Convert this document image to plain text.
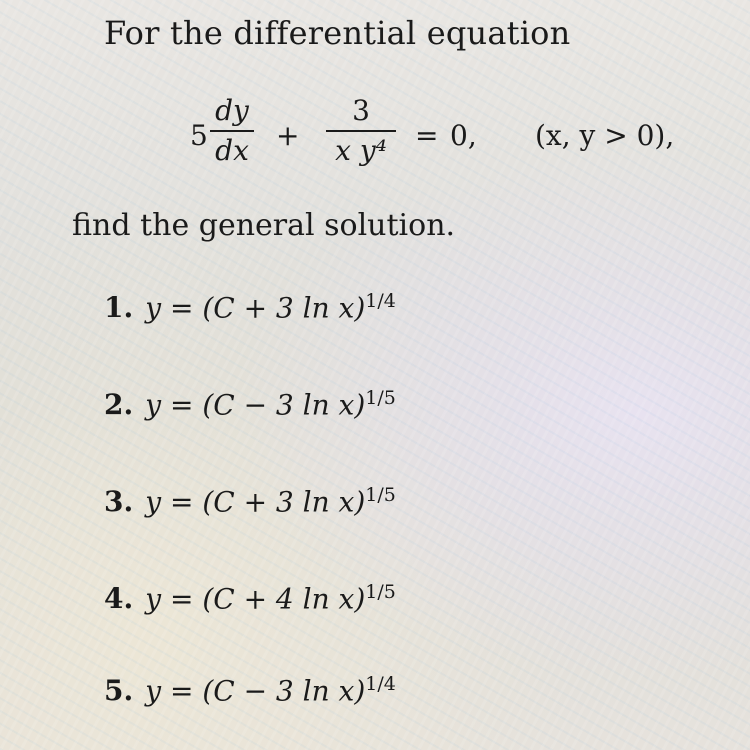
For the differential equation
5
dy
dx +
3
x y⁴	= 0, (x, y > 0),
find the general solution.
1. y = (C + 3 ln x)$^{1/4}$
2. y = (C − 3 ln x)$^{1/5}$
3. y = (C + 3 ln x)$^{1/5}$
4. y = (C + 4 ln x)$^{1/5}$
5. y = (C − 3 ln x)$^{1/4}$
